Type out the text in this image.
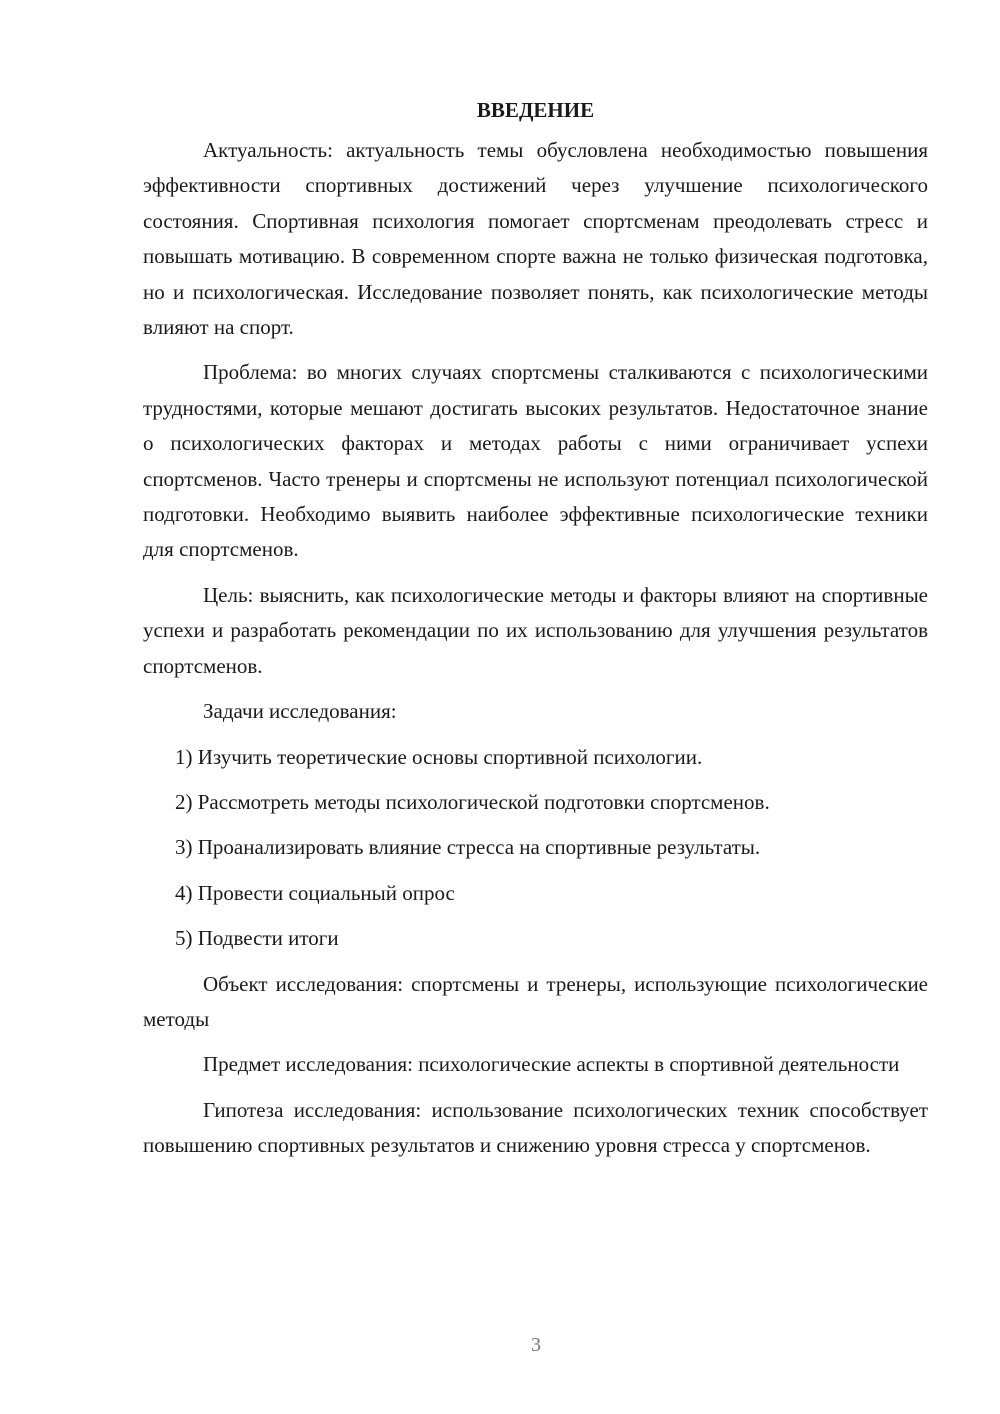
ВВЕДЕНИЕ

Актуальность: актуальность темы обусловлена необходимостью повышения эффективности спортивных достижений через улучшение психологического состояния. Спортивная психология помогает спортсменам преодолевать стресс и повышать мотивацию. В современном спорте важна не только физическая подготовка, но и психологическая. Исследование позволяет понять, как психологические методы влияют на спорт.

Проблема: во многих случаях спортсмены сталкиваются с психологическими трудностями, которые мешают достигать высоких результатов. Недостаточное знание о психологических факторах и методах работы с ними ограничивает успехи спортсменов. Часто тренеры и спортсмены не используют потенциал психологической подготовки. Необходимо выявить наиболее эффективные психологические техники для спортсменов.

Цель: выяснить, как психологические методы и факторы влияют на спортивные успехи и разработать рекомендации по их использованию для улучшения результатов спортсменов.

Задачи исследования:

1) Изучить теоретические основы спортивной психологии.

2) Рассмотреть методы психологической подготовки спортсменов.

3) Проанализировать влияние стресса на спортивные результаты.

4) Провести социальный опрос

5) Подвести итоги

Объект исследования: спортсмены и тренеры, использующие психологические методы

Предмет исследования: психологические аспекты в спортивной деятельности

Гипотеза исследования: использование психологических техник способствует повышению спортивных результатов и снижению уровня стресса у спортсменов.

3
